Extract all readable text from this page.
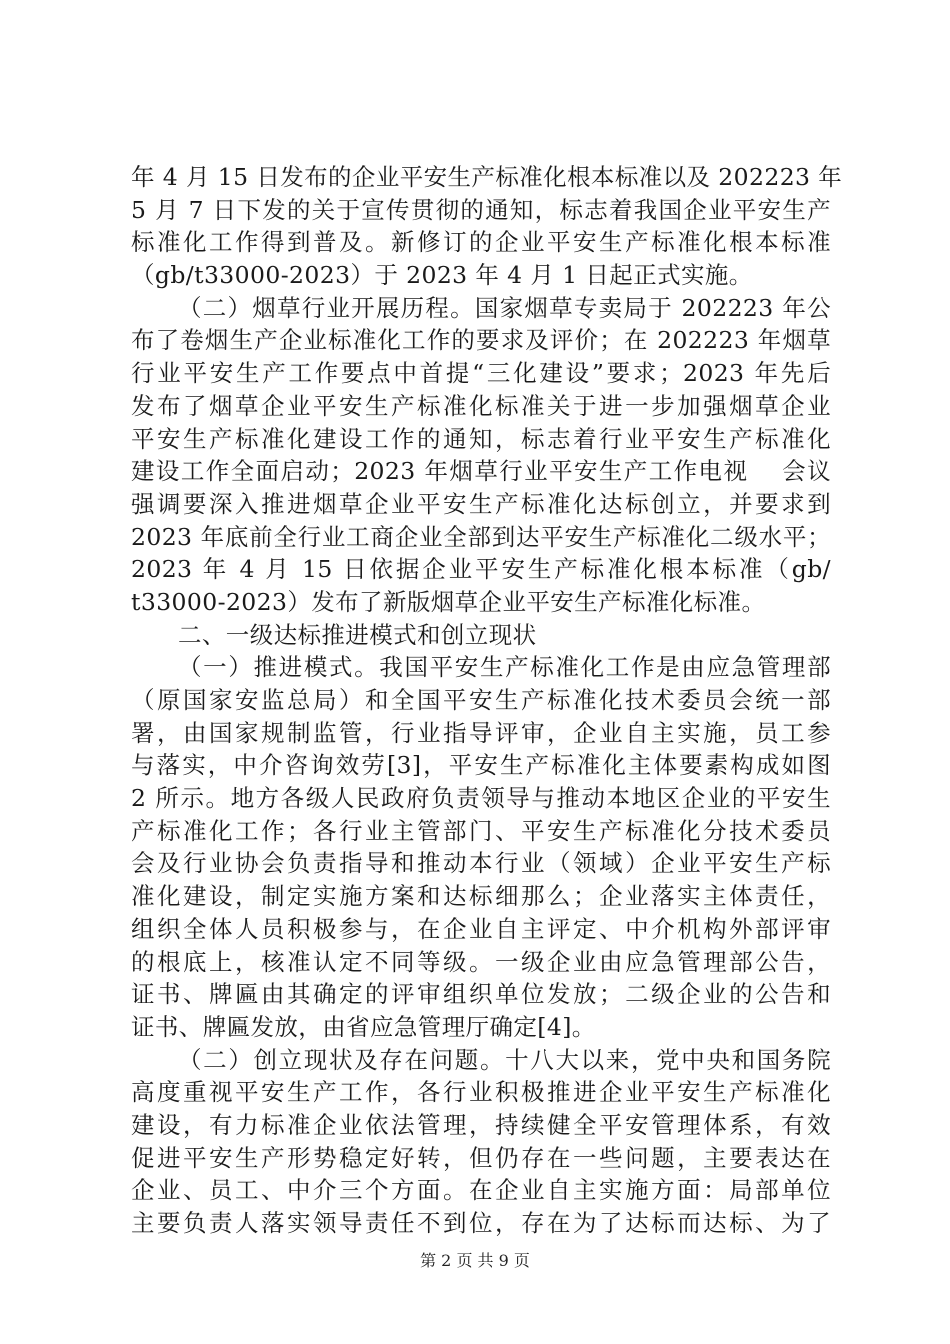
年 4 月 15 日发布的企业平安生产标准化根本标准以及 202223 年
5 月 7 日下发的关于宣传贯彻的通知，标志着我国企业平安生产
标准化工作得到普及。新修订的企业平安生产标准化根本标准
（gb/t33000-2023）于 2023 年 4 月 1 日起正式实施。
（二）烟草行业开展历程。国家烟草专卖局于 202223 年公
布了卷烟生产企业标准化工作的要求及评价；在 202223 年烟草
行业平安生产工作要点中首提“三化建设”要求；2023 年先后
发布了烟草企业平安生产标准化标准关于进一步加强烟草企业
平安生产标准化建设工作的通知，标志着行业平安生产标准化
建设工作全面启动；2023 年烟草行业平安生产工作电视　 会议
强调要深入推进烟草企业平安生产标准化达标创立，并要求到
2023 年底前全行业工商企业全部到达平安生产标准化二级水平；
2023 年 4 月 15 日依据企业平安生产标准化根本标准（gb/
t33000-2023）发布了新版烟草企业平安生产标准化标准。
二、一级达标推进模式和创立现状
（一）推进模式。我国平安生产标准化工作是由应急管理部
（原国家安监总局）和全国平安生产标准化技术委员会统一部
署，由国家规制监管，行业指导评审，企业自主实施，员工参
与落实，中介咨询效劳[3]，平安生产标准化主体要素构成如图
2 所示。地方各级人民政府负责领导与推动本地区企业的平安生
产标准化工作；各行业主管部门、平安生产标准化分技术委员
会及行业协会负责指导和推动本行业（领域）企业平安生产标
准化建设，制定实施方案和达标细那么；企业落实主体责任，
组织全体人员积极参与，在企业自主评定、中介机构外部评审
的根底上，核准认定不同等级。一级企业由应急管理部公告，
证书、牌匾由其确定的评审组织单位发放；二级企业的公告和
证书、牌匾发放，由省应急管理厅确定[4]。
（二）创立现状及存在问题。十八大以来，党中央和国务院
高度重视平安生产工作，各行业积极推进企业平安生产标准化
建设，有力标准企业依法管理，持续健全平安管理体系，有效
促进平安生产形势稳定好转，但仍存在一些问题，主要表达在
企业、员工、中介三个方面。在企业自主实施方面：局部单位
主要负责人落实领导责任不到位，存在为了达标而达标、为了
第 2 页 共 9 页
